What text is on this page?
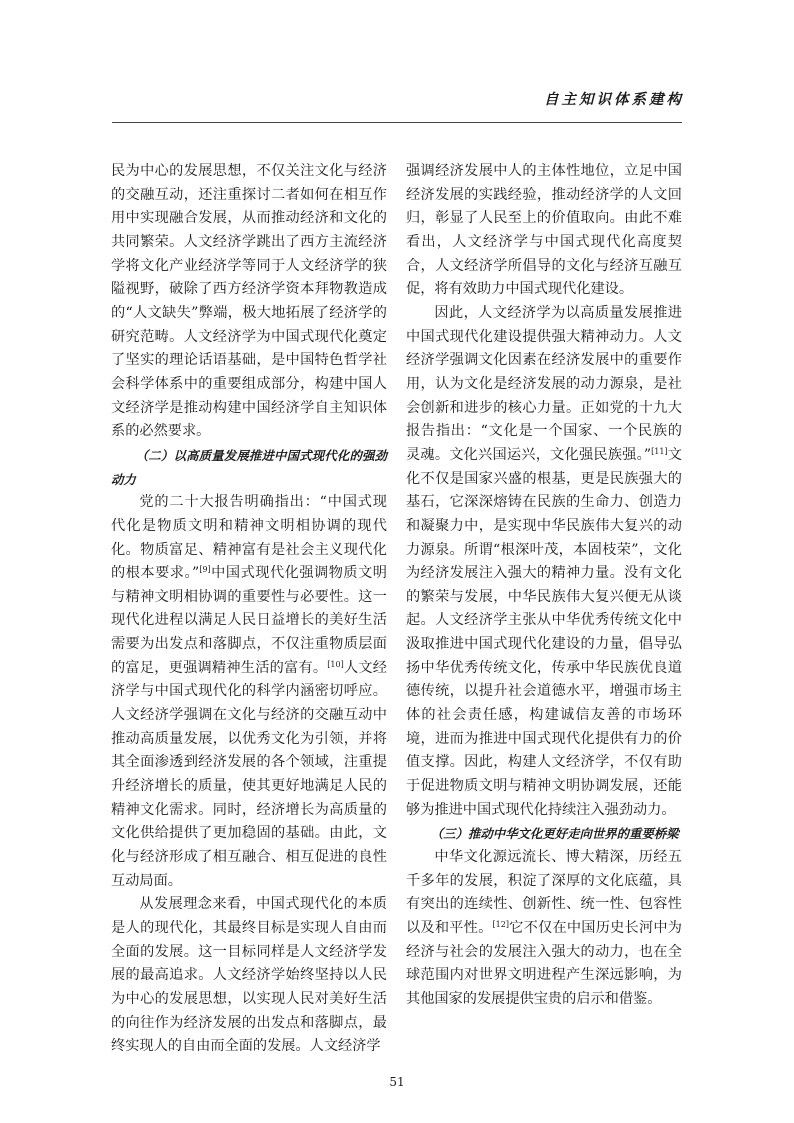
自主知识体系建构

民为中心的发展思想，不仅关注文化与经济的交融互动，还注重探讨二者如何在相互作用中实现融合发展，从而推动经济和文化的共同繁荣。人文经济学跳出了西方主流经济学将文化产业经济学等同于人文经济学的狭隘视野，破除了西方经济学资本拜物教造成的“人文缺失”弊端，极大地拓展了经济学的研究范畴。人文经济学为中国式现代化奠定了坚实的理论话语基础，是中国特色哲学社会科学体系中的重要组成部分，构建中国人文经济学是推动构建中国经济学自主知识体系的必然要求。

（二）以高质量发展推进中国式现代化的强劲动力

党的二十大报告明确指出：“中国式现代化是物质文明和精神文明相协调的现代化。物质富足、精神富有是社会主义现代化的根本要求。”[9]中国式现代化强调物质文明与精神文明相协调的重要性与必要性。这一现代化进程以满足人民日益增长的美好生活需要为出发点和落脚点，不仅注重物质层面的富足，更强调精神生活的富有。[10]人文经济学与中国式现代化的科学内涵密切呼应。人文经济学强调在文化与经济的交融互动中推动高质量发展，以优秀文化为引领，并将其全面渗透到经济发展的各个领域，注重提升经济增长的质量，使其更好地满足人民的精神文化需求。同时，经济增长为高质量的文化供给提供了更加稳固的基础。由此，文化与经济形成了相互融合、相互促进的良性互动局面。

从发展理念来看，中国式现代化的本质是人的现代化，其最终目标是实现人自由而全面的发展。这一目标同样是人文经济学发展的最高追求。人文经济学始终坚持以人民为中心的发展思想，以实现人民对美好生活的向往作为经济发展的出发点和落脚点，最终实现人的自由而全面的发展。人文经济学

强调经济发展中人的主体性地位，立足中国经济发展的实践经验，推动经济学的人文回归，彰显了人民至上的价值取向。由此不难看出，人文经济学与中国式现代化高度契合，人文经济学所倡导的文化与经济互融互促，将有效助力中国式现代化建设。

因此，人文经济学为以高质量发展推进中国式现代化建设提供强大精神动力。人文经济学强调文化因素在经济发展中的重要作用，认为文化是经济发展的动力源泉，是社会创新和进步的核心力量。正如党的十九大报告指出：“文化是一个国家、一个民族的灵魂。文化兴国运兴，文化强民族强。”[11]文化不仅是国家兴盛的根基，更是民族强大的基石，它深深熔铸在民族的生命力、创造力和凝聚力中，是实现中华民族伟大复兴的动力源泉。所谓“根深叶茂，本固枝荣”，文化为经济发展注入强大的精神力量。没有文化的繁荣与发展，中华民族伟大复兴便无从谈起。人文经济学主张从中华优秀传统文化中汲取推进中国式现代化建设的力量，倡导弘扬中华优秀传统文化，传承中华民族优良道德传统，以提升社会道德水平，增强市场主体的社会责任感，构建诚信友善的市场环境，进而为推进中国式现代化提供有力的价值支撑。因此，构建人文经济学，不仅有助于促进物质文明与精神文明协调发展，还能够为推进中国式现代化持续注入强劲动力。

（三）推动中华文化更好走向世界的重要桥梁

中华文化源远流长、博大精深，历经五千多年的发展，积淀了深厚的文化底蕴，具有突出的连续性、创新性、统一性、包容性以及和平性。[12]它不仅在中国历史长河中为经济与社会的发展注入强大的动力，也在全球范围内对世界文明进程产生深远影响，为其他国家的发展提供宝贵的启示和借鉴。

51
